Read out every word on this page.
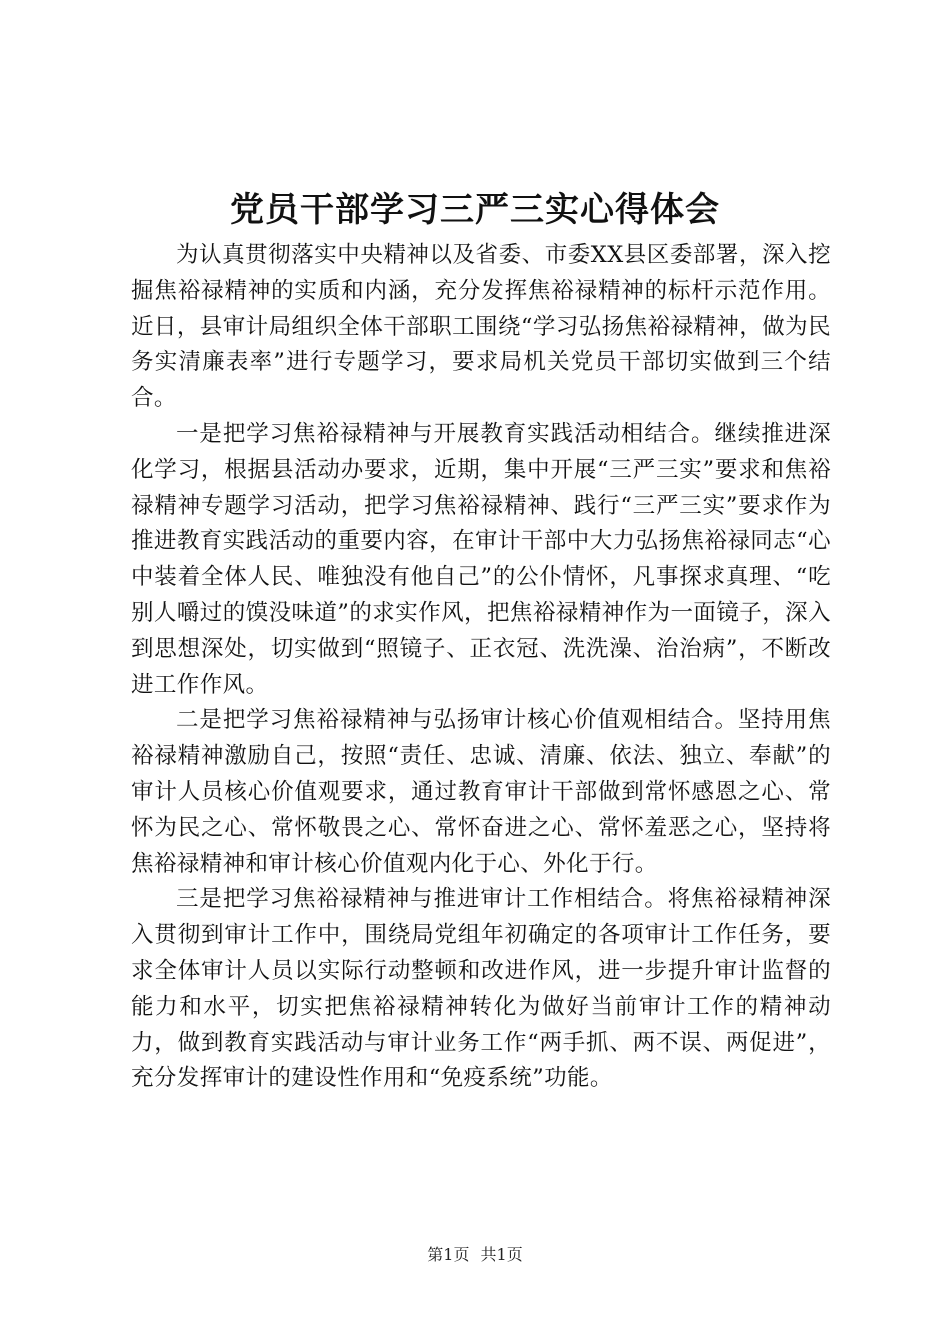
党员干部学习三严三实心得体会

为认真贯彻落实中央精神以及省委、市委XX县区委部署，深入挖掘焦裕禄精神的实质和内涵，充分发挥焦裕禄精神的标杆示范作用。近日，县审计局组织全体干部职工围绕“学习弘扬焦裕禄精神，做为民务实清廉表率”进行专题学习，要求局机关党员干部切实做到三个结合。

一是把学习焦裕禄精神与开展教育实践活动相结合。继续推进深化学习，根据县活动办要求，近期，集中开展“三严三实”要求和焦裕禄精神专题学习活动，把学习焦裕禄精神、践行“三严三实”要求作为推进教育实践活动的重要内容，在审计干部中大力弘扬焦裕禄同志“心中装着全体人民、唯独没有他自己”的公仆情怀，凡事探求真理、“吃别人嚼过的馍没味道”的求实作风，把焦裕禄精神作为一面镜子，深入到思想深处，切实做到“照镜子、正衣冠、洗洗澡、治治病”，不断改进工作作风。

二是把学习焦裕禄精神与弘扬审计核心价值观相结合。坚持用焦裕禄精神激励自己，按照“责任、忠诚、清廉、依法、独立、奉献”的审计人员核心价值观要求，通过教育审计干部做到常怀感恩之心、常怀为民之心、常怀敬畏之心、常怀奋进之心、常怀羞恶之心，坚持将焦裕禄精神和审计核心价值观内化于心、外化于行。

三是把学习焦裕禄精神与推进审计工作相结合。将焦裕禄精神深入贯彻到审计工作中，围绕局党组年初确定的各项审计工作任务，要求全体审计人员以实际行动整顿和改进作风，进一步提升审计监督的能力和水平，切实把焦裕禄精神转化为做好当前审计工作的精神动力，做到教育实践活动与审计业务工作“两手抓、两不误、两促进”，充分发挥审计的建设性作用和“免疫系统”功能。

第1页 共1页
